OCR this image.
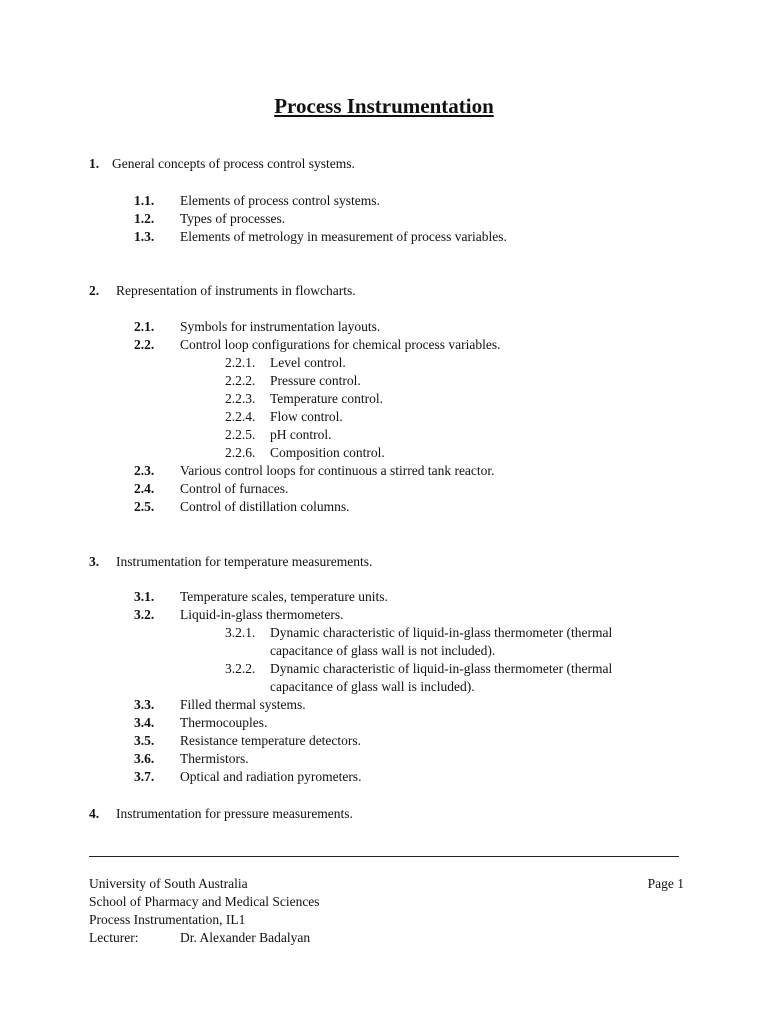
Process Instrumentation
1. General concepts of process control systems.
1.1. Elements of process control systems.
1.2. Types of processes.
1.3. Elements of metrology in measurement of process variables.
2. Representation of instruments in flowcharts.
2.1. Symbols for instrumentation layouts.
2.2. Control loop configurations for chemical process variables.
2.2.1. Level control.
2.2.2. Pressure control.
2.2.3. Temperature control.
2.2.4. Flow control.
2.2.5. pH control.
2.2.6. Composition control.
2.3. Various control loops for continuous a stirred tank reactor.
2.4. Control of furnaces.
2.5. Control of distillation columns.
3. Instrumentation for temperature measurements.
3.1. Temperature scales, temperature units.
3.2. Liquid-in-glass thermometers.
3.2.1. Dynamic characteristic of liquid-in-glass thermometer (thermal
capacitance of glass wall is not included).
3.2.2. Dynamic characteristic of liquid-in-glass thermometer (thermal
capacitance of glass wall is included).
3.3. Filled thermal systems.
3.4. Thermocouples.
3.5. Resistance temperature detectors.
3.6. Thermistors.
3.7. Optical and radiation pyrometers.
4. Instrumentation for pressure measurements.
University of South Australia	Page 1
School of Pharmacy and Medical Sciences
Process Instrumentation, IL1
Lecturer:	Dr. Alexander Badalyan
